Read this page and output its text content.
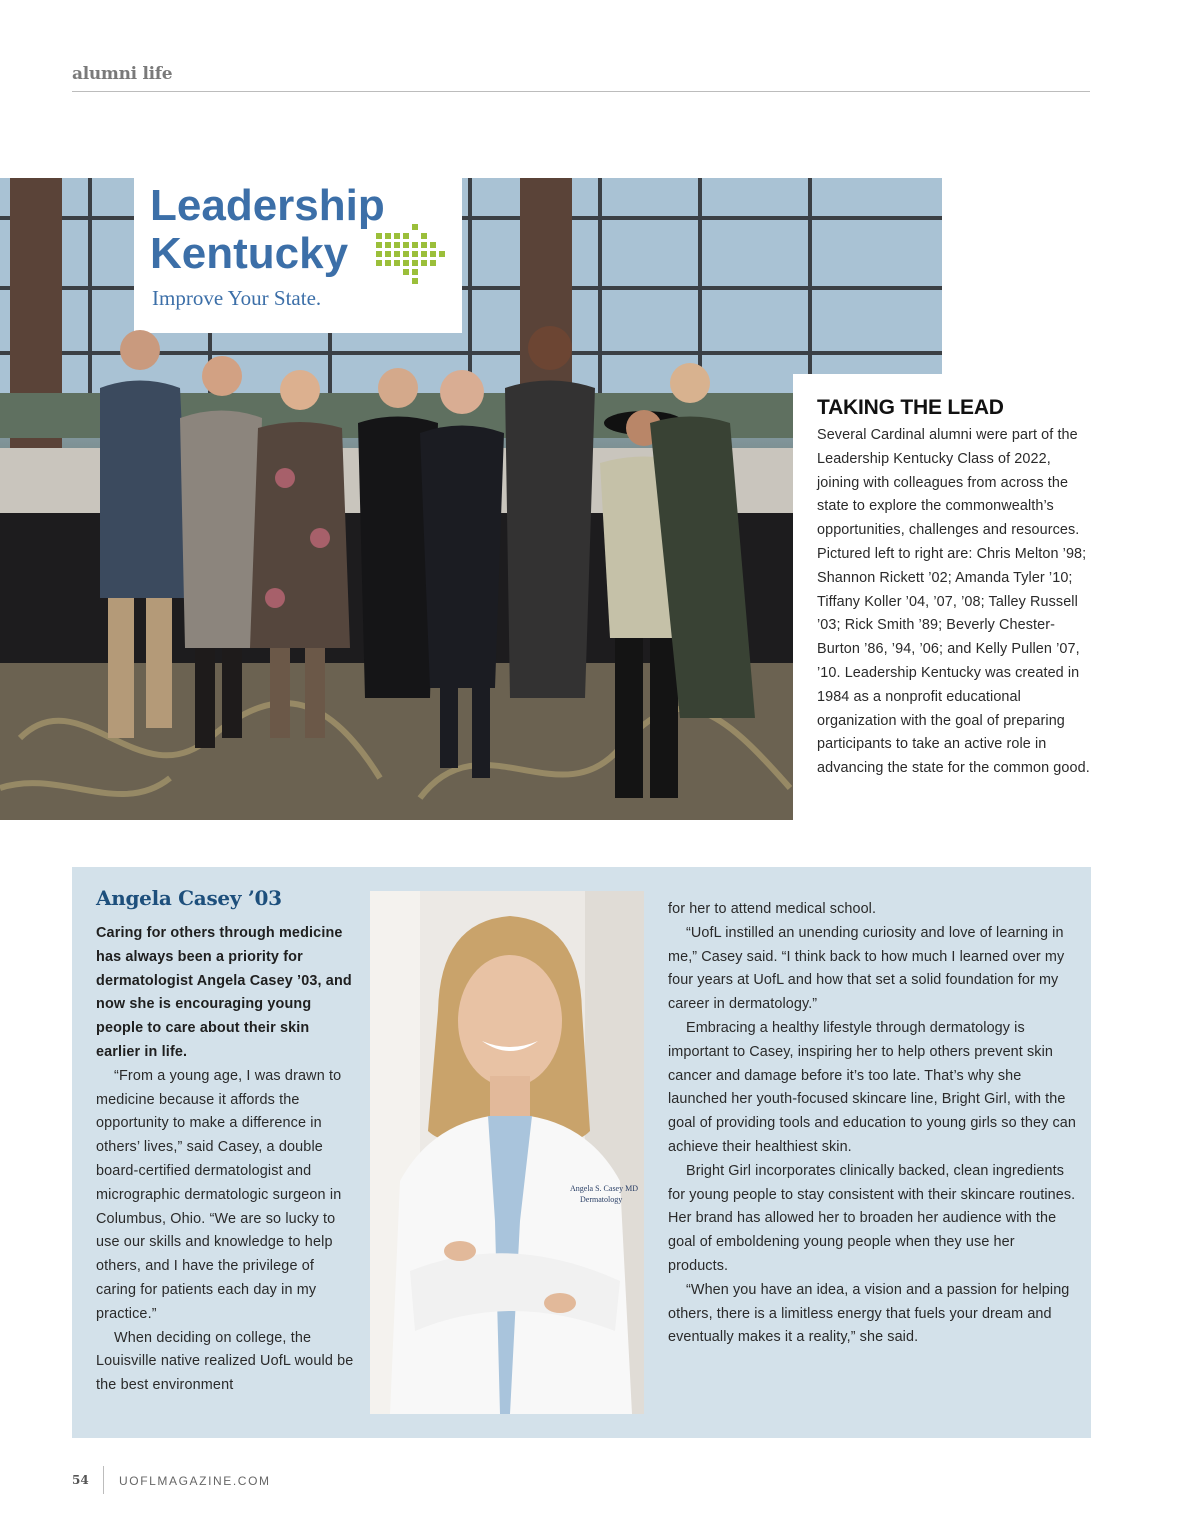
alumni life
Leadership
Kentucky
Improve Your State.
TAKING THE LEAD

Several Cardinal alumni were part of the Leadership Kentucky Class of 2022, joining with colleagues from across the state to explore the commonwealth’s opportunities, challenges and resources. Pictured left to right are: Chris Melton ’98; Shannon Rickett ’02; Amanda Tyler ’10; Tiffany Koller ’04, ’07, ’08; Talley Russell ’03; Rick Smith ’89; Beverly Chester-Burton ’86, ’94, ’06; and Kelly Pullen ’07, ’10. Leadership Kentucky was created in 1984 as a nonprofit educational organization with the goal of preparing participants to take an active role in advancing the state for the common good.

Angela Casey ’03

Caring for others through medicine has always been a priority for dermatologist Angela Casey ’03, and now she is encouraging young people to care about their skin earlier in life.

“From a young age, I was drawn to medicine because it affords the opportunity to make a difference in others’ lives,” said Casey, a double board-certified dermatologist and micrographic dermatologic surgeon in Columbus, Ohio. “We are so lucky to use our skills and knowledge to help others, and I have the privilege of caring for patients each day in my practice.”

When deciding on college, the Louisville native realized UofL would be the best environment

Angela S. Casey MD
Dermatology

for her to attend medical school.

“UofL instilled an unending curiosity and love of learning in me,” Casey said. “I think back to how much I learned over my four years at UofL and how that set a solid foundation for my career in dermatology.”

Embracing a healthy lifestyle through dermatology is important to Casey, inspiring her to help others prevent skin cancer and damage before it’s too late. That’s why she launched her youth-focused skincare line, Bright Girl, with the goal of providing tools and education to young girls so they can achieve their healthiest skin.

Bright Girl incorporates clinically backed, clean ingredients for young people to stay consistent with their skincare routines. Her brand has allowed her to broaden her audience with the goal of emboldening young people when they use her products.

“When you have an idea, a vision and a passion for helping others, there is a limitless energy that fuels your dream and eventually makes it a reality,” she said.

54	UOFLMAGAZINE.COM
